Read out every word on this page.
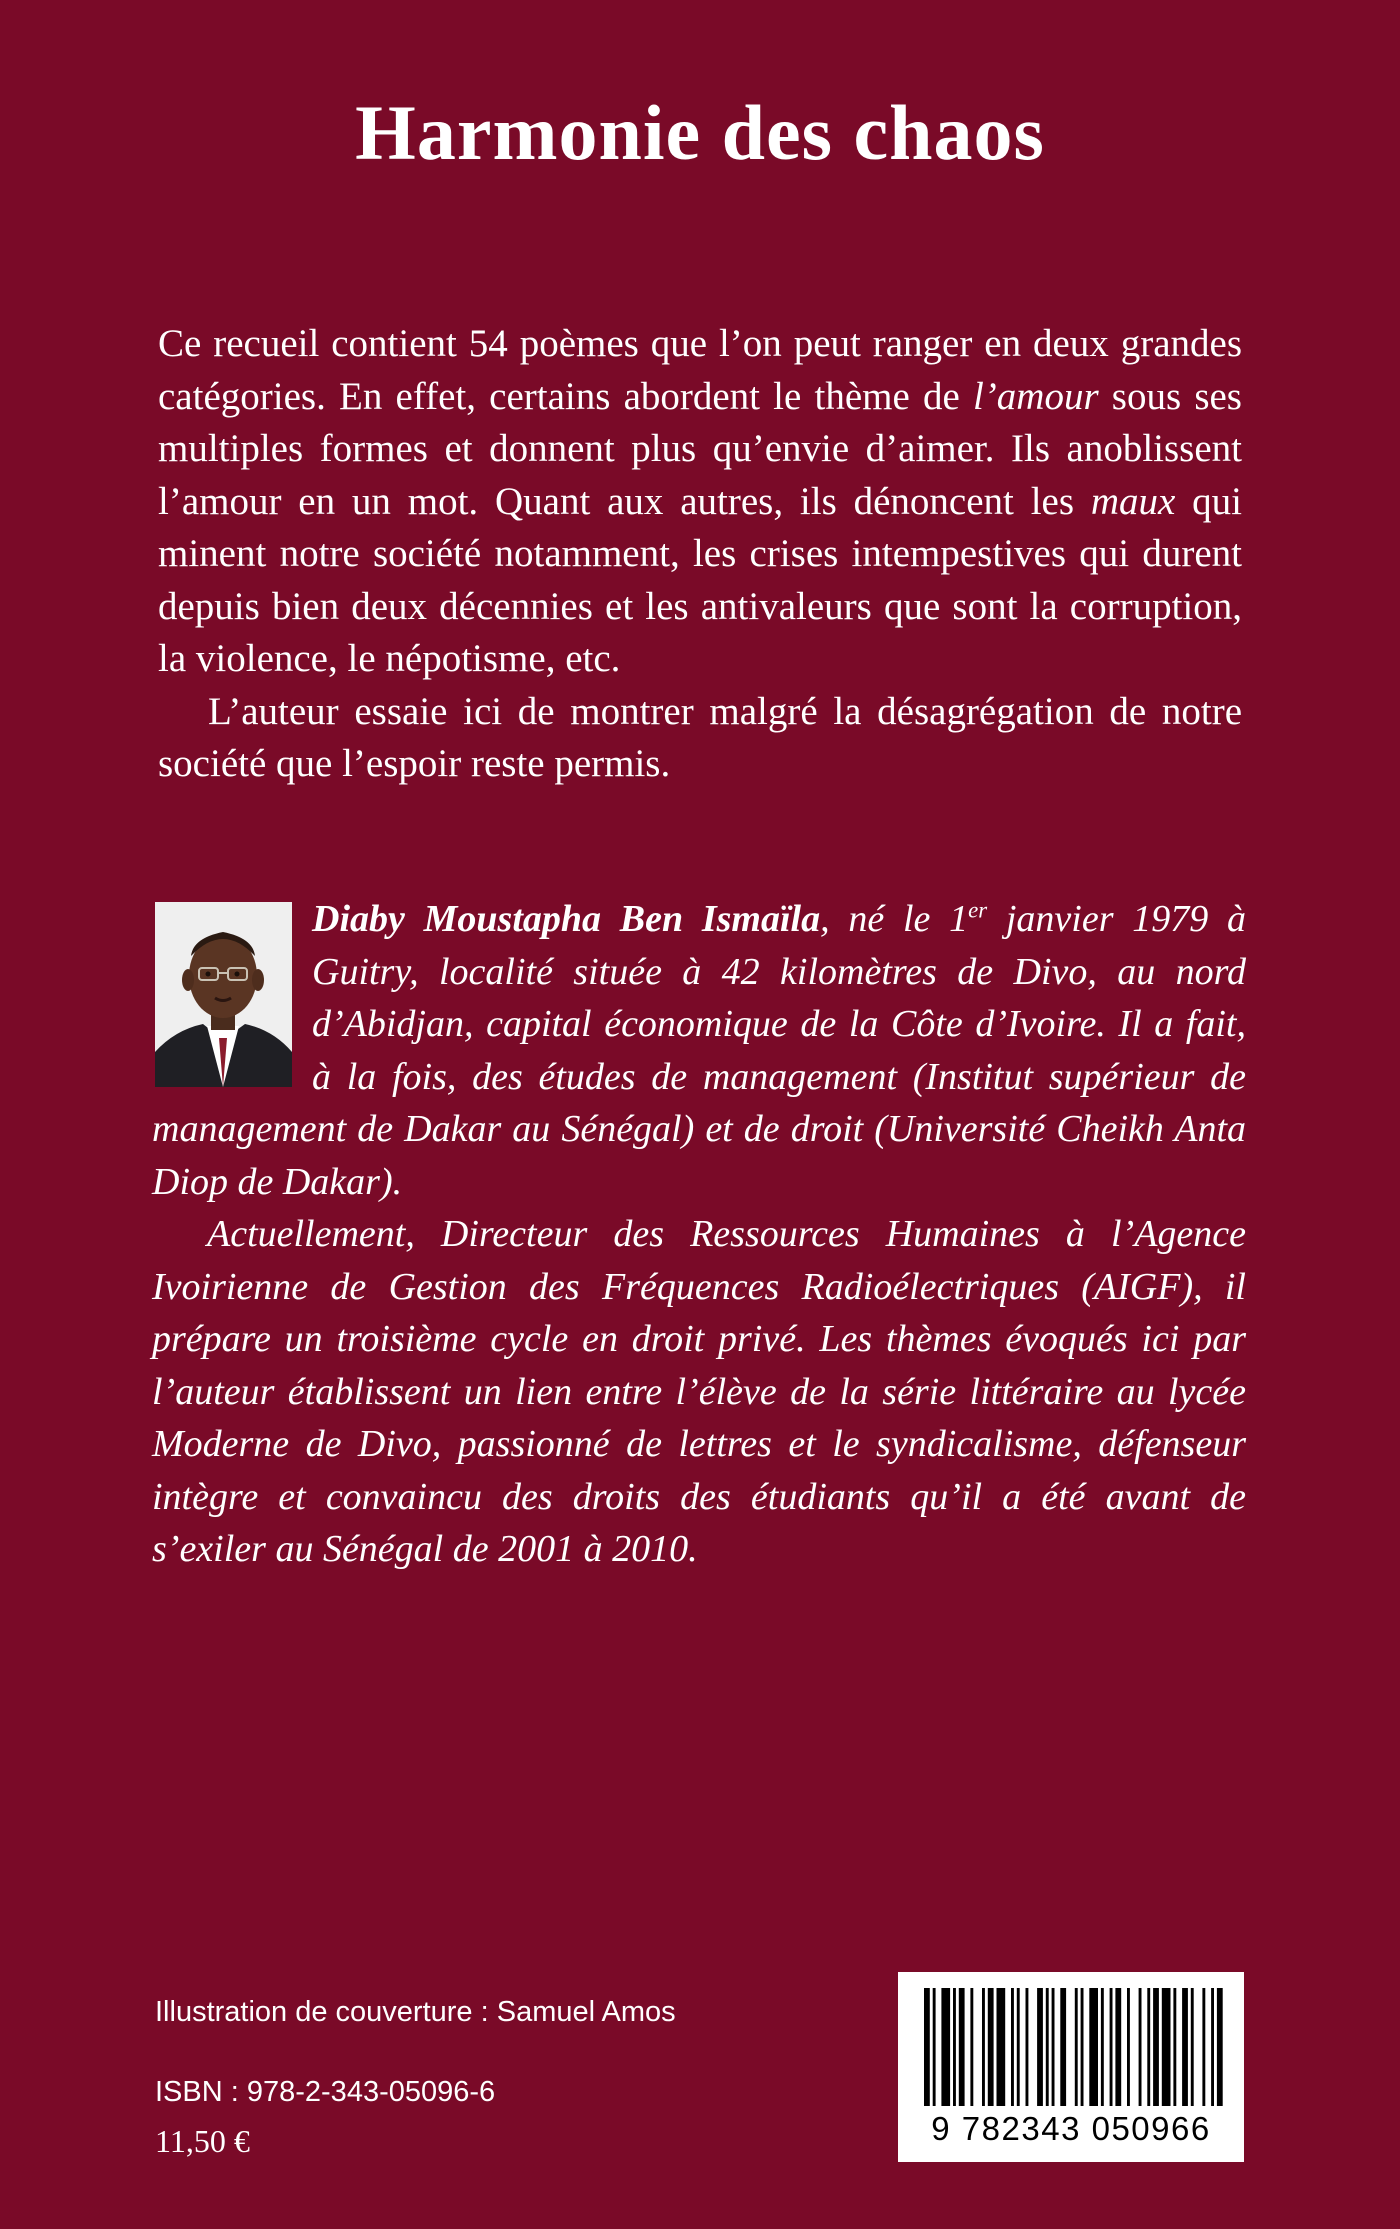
Harmonie des chaos

Ce recueil contient 54 poèmes que l’on peut ranger en deux grandes catégories. En effet, certains abordent le thème de l’amour sous ses multiples formes et donnent plus qu’envie d’aimer. Ils anoblissent l’amour en un mot. Quant aux autres, ils dénoncent les maux qui minent notre société notamment, les crises intempestives qui durent depuis bien deux décennies et les antivaleurs que sont la corruption, la violence, le népotisme, etc.

L’auteur essaie ici de montrer malgré la désagrégation de notre société que l’espoir reste permis.

Diaby Moustapha Ben Ismaïla, né le 1er janvier 1979 à Guitry, localité située à 42 kilomètres de Divo, au nord d’Abidjan, capital économique de la Côte d’Ivoire. Il a fait, à la fois, des études de management (Institut supérieur de management de Dakar au Sénégal) et de droit (Université Cheikh Anta Diop de Dakar).

Actuellement, Directeur des Ressources Humaines à l’Agence Ivoirienne de Gestion des Fréquences Radioélectriques (AIGF), il prépare un troisième cycle en droit privé. Les thèmes évoqués ici par l’auteur établissent un lien entre l’élève de la série littéraire au lycée Moderne de Divo, passionné de lettres et le syndicalisme, défenseur intègre et convaincu des droits des étudiants qu’il a été avant de s’exiler au Sénégal de 2001 à 2010.

Illustration de couverture : Samuel Amos
ISBN : 978-2-343-05096-6
11,50 €	9 782343 050966
